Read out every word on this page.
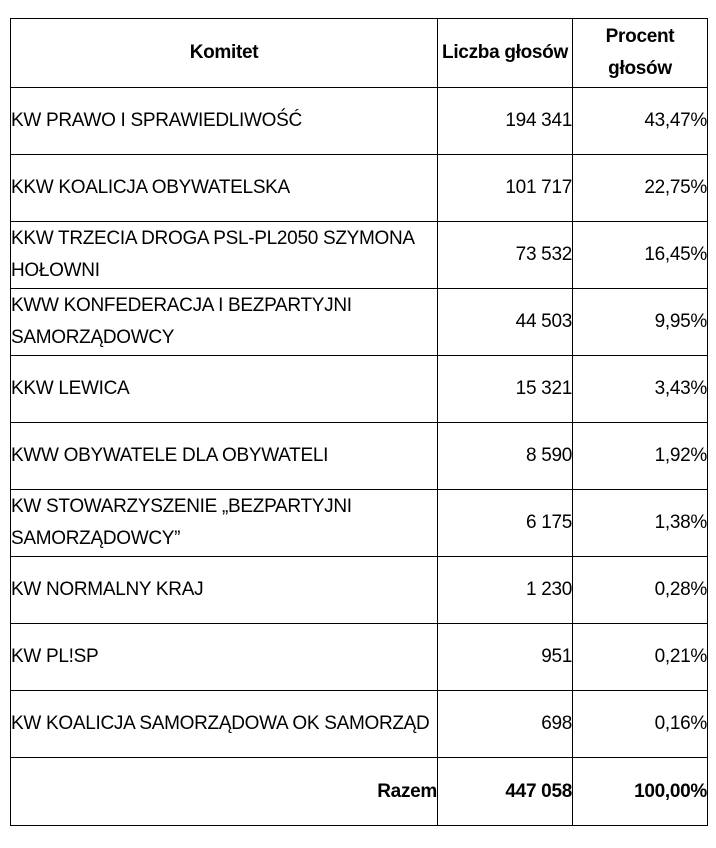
Komitet	Liczba głosów	Procent głosów
KW PRAWO I SPRAWIEDLIWOŚĆ	194 341	43,47%
KKW KOALICJA OBYWATELSKA	101 717	22,75%
KKW TRZECIA DROGA PSL-PL2050 SZYMONA HOŁOWNI	73 532	16,45%
KWW KONFEDERACJA I BEZPARTYJNI SAMORZĄDOWCY	44 503	9,95%
KKW LEWICA	15 321	3,43%
KWW OBYWATELE DLA OBYWATELI	8 590	1,92%
KW STOWARZYSZENIE „BEZPARTYJNI SAMORZĄDOWCY”	6 175	1,38%
KW NORMALNY KRAJ	1 230	0,28%
KW PL!SP	951	0,21%
KW KOALICJA SAMORZĄDOWA OK SAMORZĄD	698	0,16%
Razem	447 058	100,00%
